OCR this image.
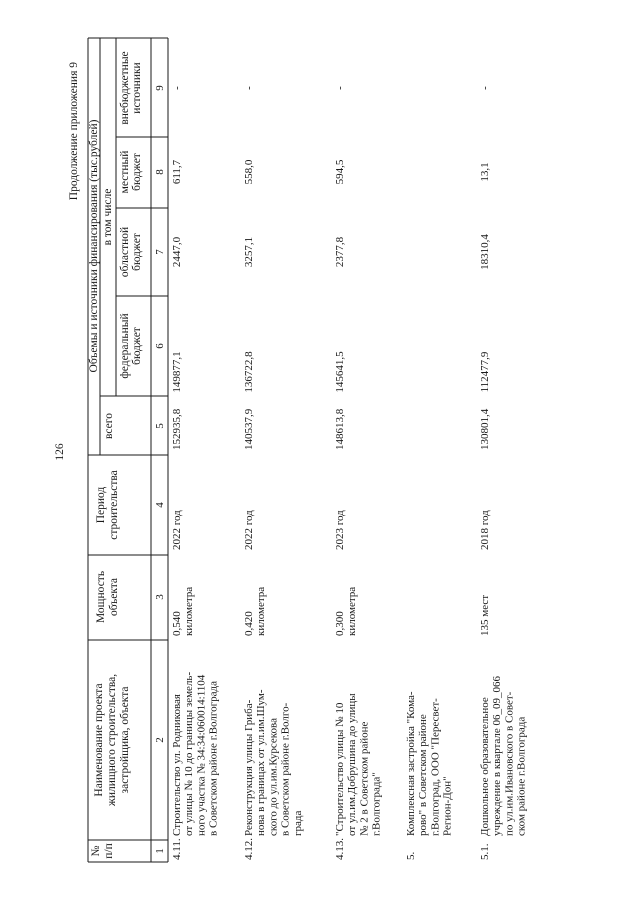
126
Продолжение приложения 9
№ п/п
Наименование проекта жилищного строительства, застройщика, объекта
Мощность объекта
Период строительства
Объемы и источники финансирования (тыс.рублей)
всего
в том числе
федеральный бюджет
областной бюджет
местный бюджет
внебюджетные источники
1
2
3
4
5
6
7
8
9
4.11.
Строительство ул. Родниковая от улицы № 10 до границы земель- ного участка № 34:34:060014:1104 в Советском районе г.Волгограда
0,540 километра
2022 год
152935,8
149877,1
2447,0
611,7
-
4.12.
Реконструкция улицы Грибa- нова в границах от ул.им.Шум- ского до ул.им.Курсекова в Советском районе г.Волго- града
0,420 километра
2022 год
140537,9
136722,8
3257,1
558,0
-
4.13.
"Строительство улицы № 10 от ул.им.Добрушина до улицы № 2 в Советском районе г.Волгограда"
0,300 километра
2023 год
148613,8
145641,5
2377,8
594,5
-
5.
Комплексная застройка "Кома- рово" в Советском районе г.Волгоград, ООО "Пересвет- Регион-Дон"
5.1.
Дошкольное образовательное учреждение в квартале 06_09_066 по ул.им.Ивановского в Совет- ском районе г.Волгограда
135 мест
2018 год
130801,4
112477,9
18310,4
13,1
-
